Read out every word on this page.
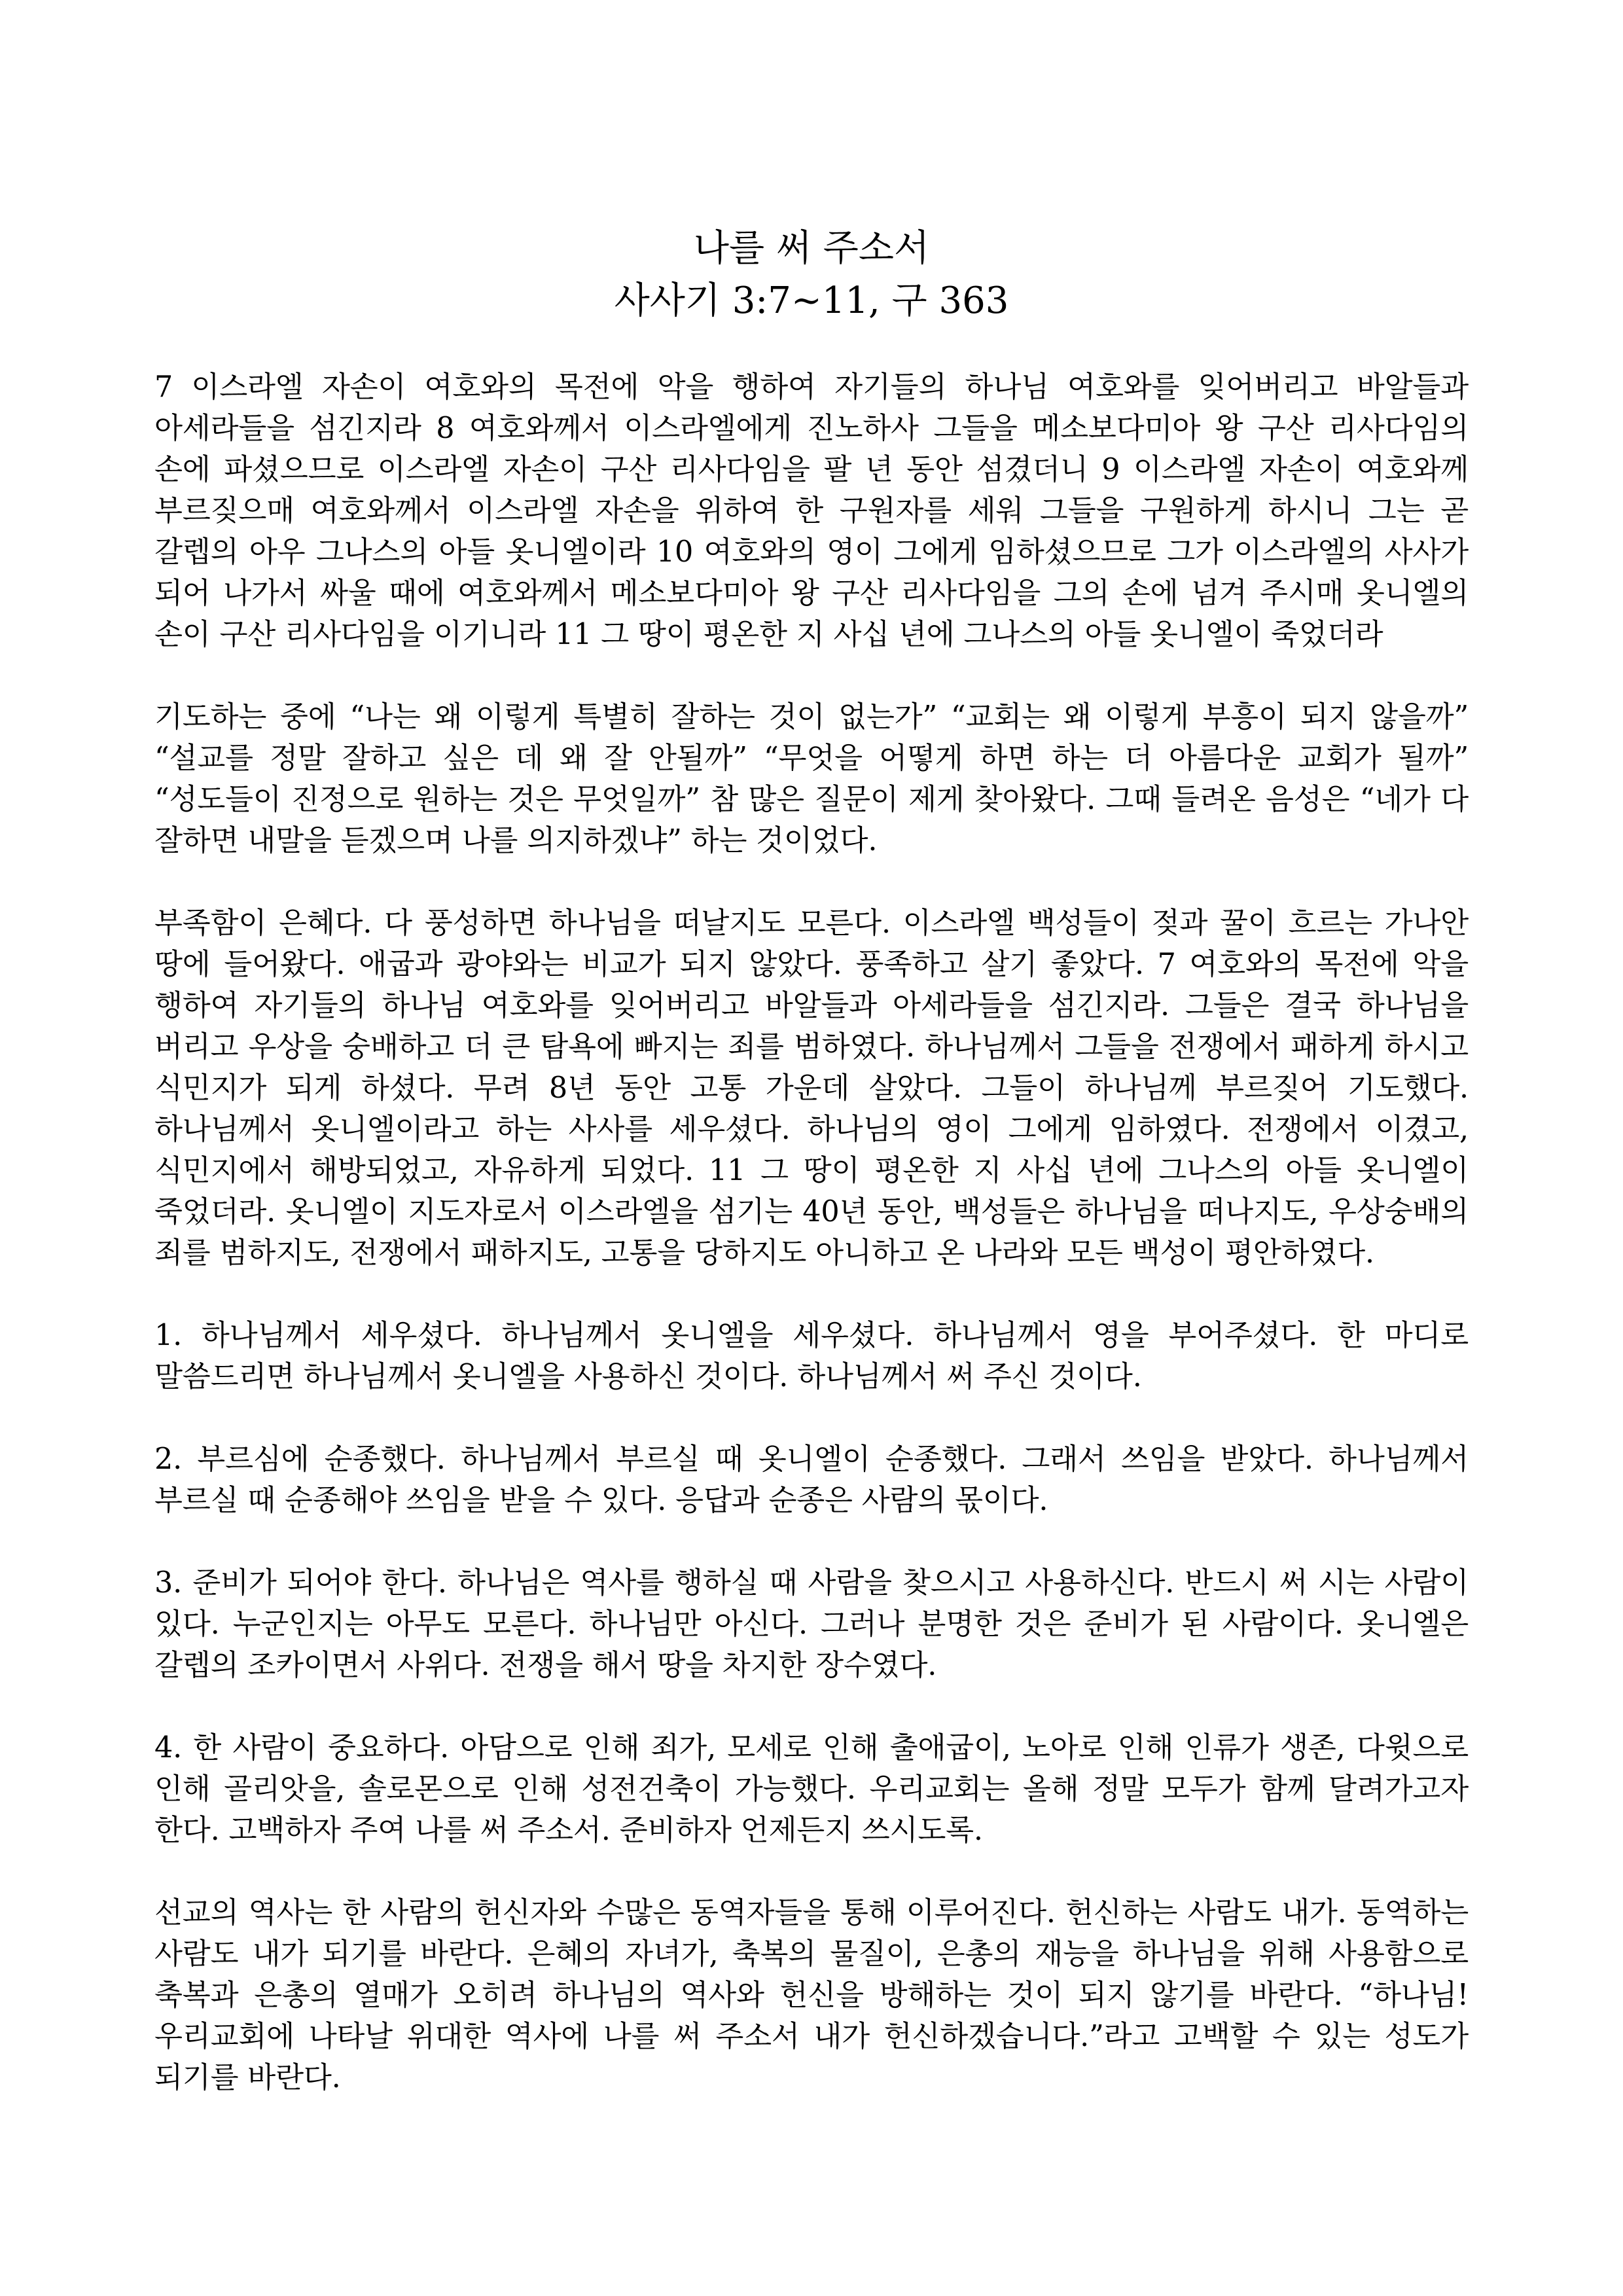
나를 써 주소서
사사기 3:7~11, 구 363

7 이스라엘 자손이 여호와의 목전에 악을 행하여 자기들의 하나님 여호와를 잊어버리고 바알들과 아세라들을 섬긴지라 8 여호와께서 이스라엘에게 진노하사 그들을 메소보다미아 왕 구산 리사다임의 손에 파셨으므로 이스라엘 자손이 구산 리사다임을 팔 년 동안 섬겼더니 9 이스라엘 자손이 여호와께 부르짖으매 여호와께서 이스라엘 자손을 위하여 한 구원자를 세워 그들을 구원하게 하시니 그는 곧 갈렙의 아우 그나스의 아들 옷니엘이라 10 여호와의 영이 그에게 임하셨으므로 그가 이스라엘의 사사가 되어 나가서 싸울 때에 여호와께서 메소보다미아 왕 구산 리사다임을 그의 손에 넘겨 주시매 옷니엘의 손이 구산 리사다임을 이기니라 11 그 땅이 평온한 지 사십 년에 그나스의 아들 옷니엘이 죽었더라

기도하는 중에 “나는 왜 이렇게 특별히 잘하는 것이 없는가” “교회는 왜 이렇게 부흥이 되지 않을까” “설교를 정말 잘하고 싶은 데 왜 잘 안될까” “무엇을 어떻게 하면 하는 더 아름다운 교회가 될까” “성도들이 진정으로 원하는 것은 무엇일까” 참 많은 질문이 제게 찾아왔다. 그때 들려온 음성은 “네가 다 잘하면 내말을 듣겠으며 나를 의지하겠냐” 하는 것이었다.

부족함이 은혜다. 다 풍성하면 하나님을 떠날지도 모른다. 이스라엘 백성들이 젖과 꿀이 흐르는 가나안 땅에 들어왔다. 애굽과 광야와는 비교가 되지 않았다. 풍족하고 살기 좋았다. 7 여호와의 목전에 악을 행하여 자기들의 하나님 여호와를 잊어버리고 바알들과 아세라들을 섬긴지라. 그들은 결국 하나님을 버리고 우상을 숭배하고 더 큰 탐욕에 빠지는 죄를 범하였다. 하나님께서 그들을 전쟁에서 패하게 하시고 식민지가 되게 하셨다. 무려 8년 동안 고통 가운데 살았다. 그들이 하나님께 부르짖어 기도했다. 하나님께서 옷니엘이라고 하는 사사를 세우셨다. 하나님의 영이 그에게 임하였다. 전쟁에서 이겼고, 식민지에서 해방되었고, 자유하게 되었다. 11 그 땅이 평온한 지 사십 년에 그나스의 아들 옷니엘이 죽었더라. 옷니엘이 지도자로서 이스라엘을 섬기는 40년 동안, 백성들은 하나님을 떠나지도, 우상숭배의 죄를 범하지도, 전쟁에서 패하지도, 고통을 당하지도 아니하고 온 나라와 모든 백성이 평안하였다.

1. 하나님께서 세우셨다. 하나님께서 옷니엘을 세우셨다. 하나님께서 영을 부어주셨다. 한 마디로 말씀드리면 하나님께서 옷니엘을 사용하신 것이다. 하나님께서 써 주신 것이다.

2. 부르심에 순종했다. 하나님께서 부르실 때 옷니엘이 순종했다. 그래서 쓰임을 받았다. 하나님께서 부르실 때 순종해야 쓰임을 받을 수 있다. 응답과 순종은 사람의 몫이다.

3. 준비가 되어야 한다. 하나님은 역사를 행하실 때 사람을 찾으시고 사용하신다. 반드시 써 시는 사람이 있다. 누군인지는 아무도 모른다. 하나님만 아신다. 그러나 분명한 것은 준비가 된 사람이다. 옷니엘은 갈렙의 조카이면서 사위다. 전쟁을 해서 땅을 차지한 장수였다.

4. 한 사람이 중요하다. 아담으로 인해 죄가, 모세로 인해 출애굽이, 노아로 인해 인류가 생존, 다윗으로 인해 골리앗을, 솔로몬으로 인해 성전건축이 가능했다. 우리교회는 올해 정말 모두가 함께 달려가고자 한다. 고백하자 주여 나를 써 주소서. 준비하자 언제든지 쓰시도록.

선교의 역사는 한 사람의 헌신자와 수많은 동역자들을 통해 이루어진다. 헌신하는 사람도 내가. 동역하는 사람도 내가 되기를 바란다. 은혜의 자녀가, 축복의 물질이, 은총의 재능을 하나님을 위해 사용함으로 축복과 은총의 열매가 오히려 하나님의 역사와 헌신을 방해하는 것이 되지 않기를 바란다. “하나님! 우리교회에 나타날 위대한 역사에 나를 써 주소서 내가 헌신하겠습니다.”라고 고백할 수 있는 성도가 되기를 바란다.
